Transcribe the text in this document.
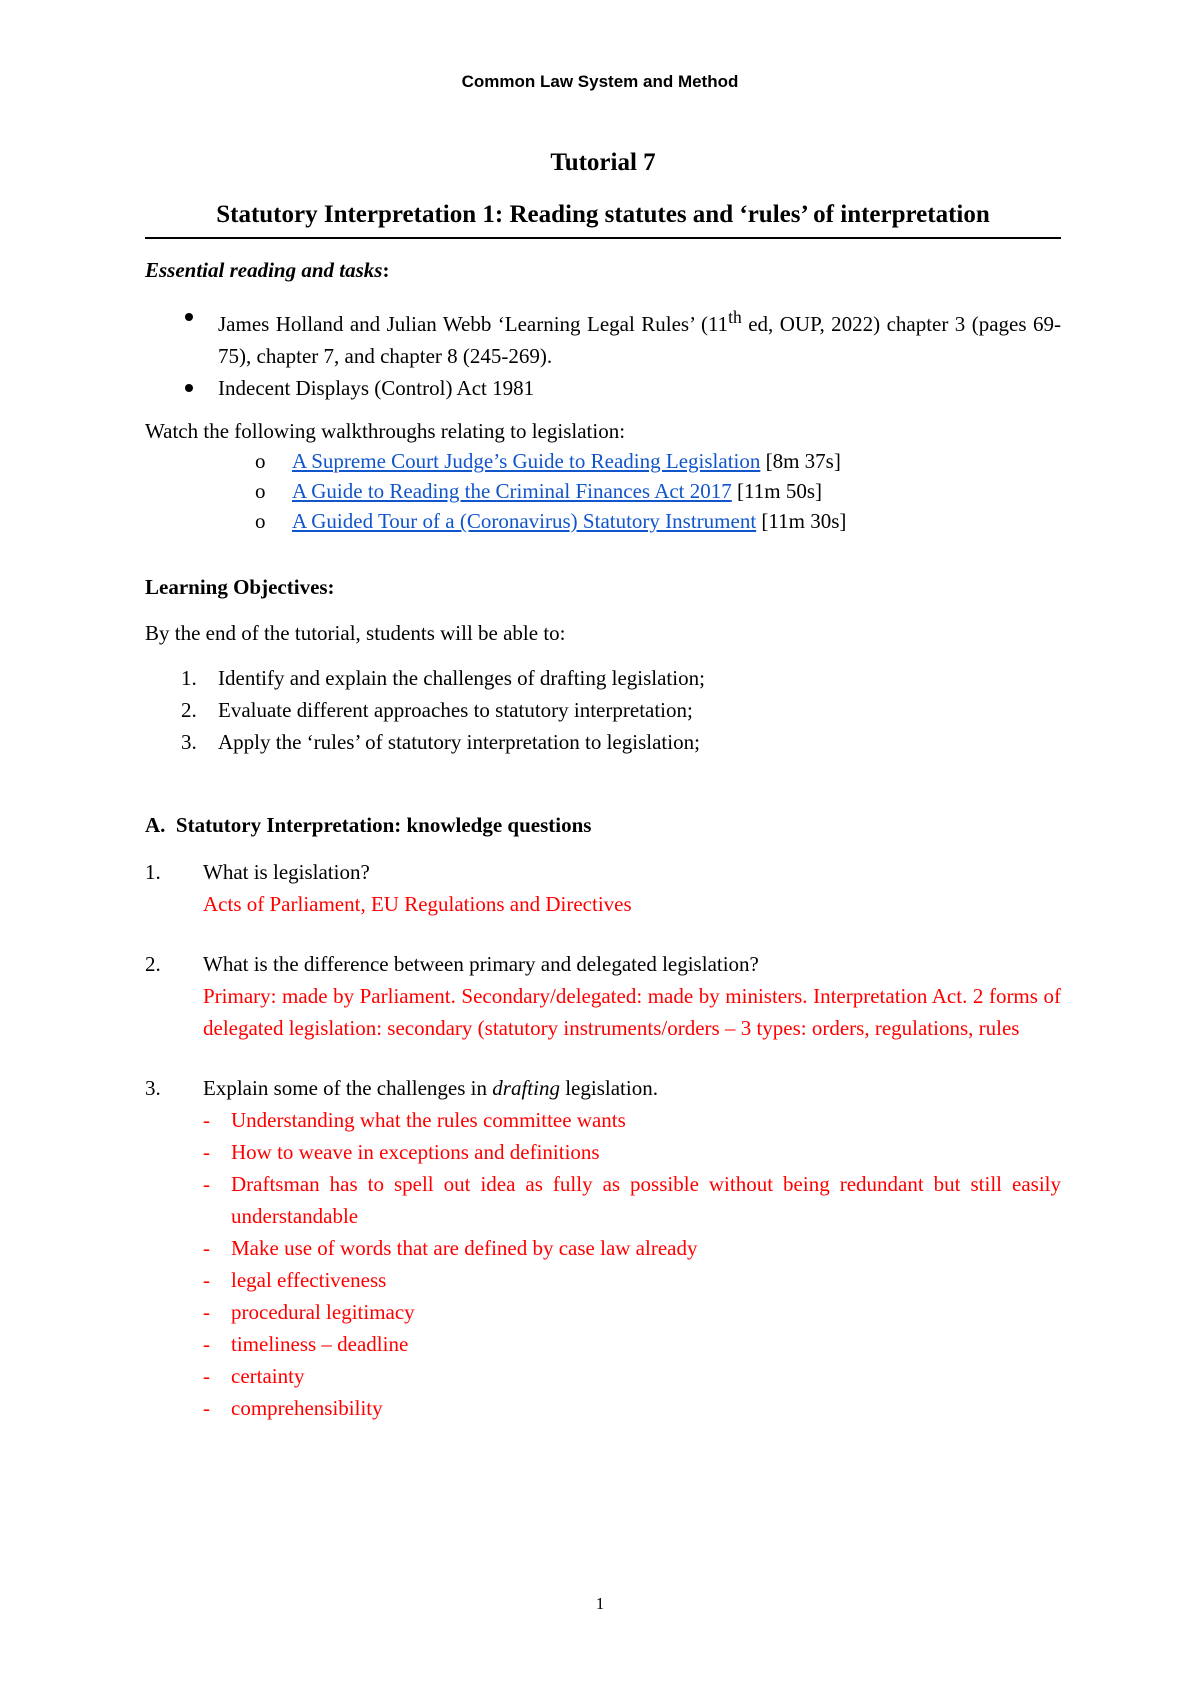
Common Law System and Method
Tutorial 7
Statutory Interpretation 1: Reading statutes and ‘rules’ of interpretation

Essential reading and tasks:

James Holland and Julian Webb ‘Learning Legal Rules’ (11th ed, OUP, 2022) chapter 3 (pages 69-75), chapter 7, and chapter 8 (245-269).
Indecent Displays (Control) Act 1981

Watch the following walkthroughs relating to legislation:

o A Supreme Court Judge’s Guide to Reading Legislation [8m 37s]
o A Guide to Reading the Criminal Finances Act 2017 [11m 50s]
o A Guided Tour of a (Coronavirus) Statutory Instrument [11m 30s]

Learning Objectives:

By the end of the tutorial, students will be able to:

1. Identify and explain the challenges of drafting legislation;
2. Evaluate different approaches to statutory interpretation;
3. Apply the ‘rules’ of statutory interpretation to legislation;

A.  Statutory Interpretation: knowledge questions

1. What is legislation?
Acts of Parliament, EU Regulations and Directives
2. What is the difference between primary and delegated legislation?
Primary: made by Parliament. Secondary/delegated: made by ministers. Interpretation Act. 2 forms of delegated legislation: secondary (statutory instruments/orders – 3 types: orders, regulations, rules
3. Explain some of the challenges in drafting legislation.
- Understanding what the rules committee wants
- How to weave in exceptions and definitions
- Draftsman has to spell out idea as fully as possible without being redundant but still easily understandable
- Make use of words that are defined by case law already
- legal effectiveness
- procedural legitimacy
- timeliness – deadline
- certainty
- comprehensibility
1
